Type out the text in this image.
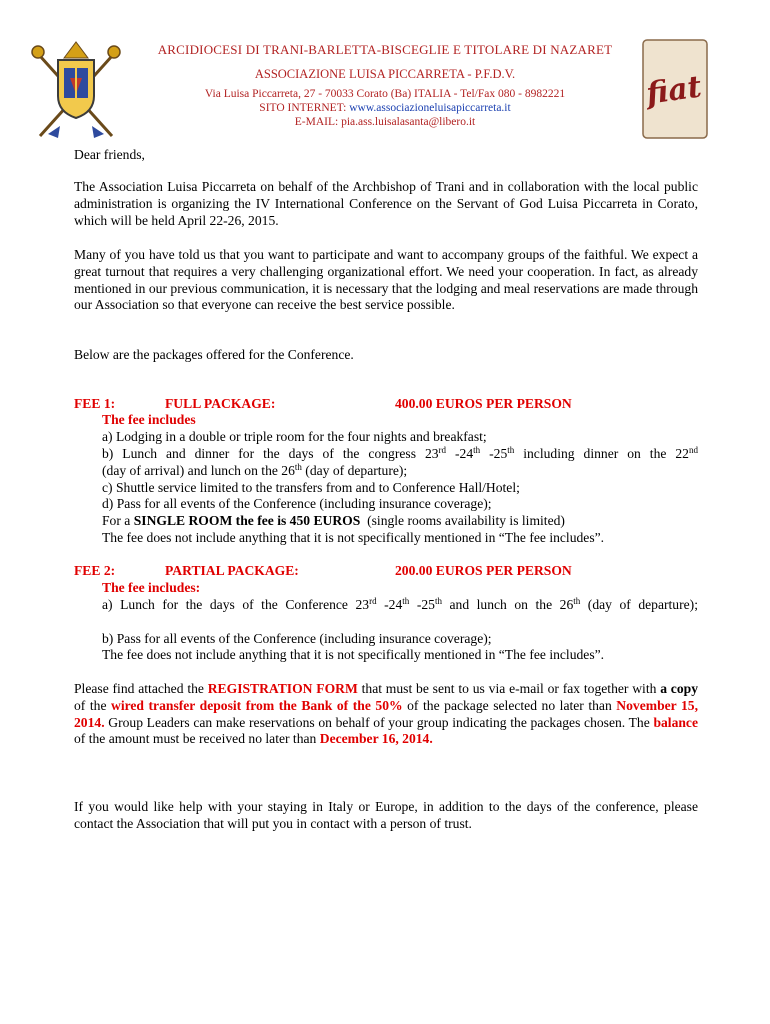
ARCIDIOCESI DI TRANI-BARLETTA-BISCEGLIE E TITOLARE DI NAZARET
ASSOCIAZIONE LUISA PICCARRETA - P.F.D.V.
Via Luisa Piccarreta, 27 - 70033 Corato (Ba) ITALIA - Tel/Fax 080 - 8982221
SITO INTERNET: www.associazioneluisapiccarreta.it
E-MAIL: pia.ass.luisalasanta@libero.it
fiat
Dear friends,
The Association Luisa Piccarreta on behalf of the Archbishop of Trani and in collaboration with the local public administration is organizing the IV International Conference on the Servant of God Luisa Piccarreta in Corato, which will be held April 22-26, 2015.
Many of you have told us that you want to participate and want to accompany groups of the faithful. We expect a great turnout that requires a very challenging organizational effort. We need your cooperation. In fact, as already mentioned in our previous communication, it is necessary that the lodging and meal reservations are made through our Association so that everyone can receive the best service possible.
Below are the packages offered for the Conference.
FEE 1:	FULL PACKAGE:	400.00 EUROS PER PERSON
The fee includes
a) Lodging in a double or triple room for the four nights and breakfast;
b) Lunch and dinner for the days of the congress 23rd -24th -25th including dinner on the 22nd
(day of arrival) and lunch on the 26th (day of departure);
c) Shuttle service limited to the transfers from and to Conference Hall/Hotel;
d) Pass for all events of the Conference (including insurance coverage);
For a SINGLE ROOM the fee is 450 EUROS  (single rooms availability is limited)
The fee does not include anything that it is not specifically mentioned in “The fee includes”.
FEE 2:	PARTIAL PACKAGE:	200.00 EUROS PER PERSON
The fee includes:
a) Lunch for the days of the Conference 23rd -24th -25th and lunch on the 26th (day of departure);
b) Pass for all events of the Conference (including insurance coverage);
The fee does not include anything that it is not specifically mentioned in “The fee includes”.
Please find attached the REGISTRATION FORM that must be sent to us via e-mail or fax together with a copy of the wired transfer deposit from the Bank of the 50% of the package selected no later than November 15, 2014. Group Leaders can make reservations on behalf of your group indicating the packages chosen. The balance of the amount must be received no later than December 16, 2014.
If you would like help with your staying in Italy or Europe, in addition to the days of the conference, please contact the Association that will put you in contact with a person of trust.
